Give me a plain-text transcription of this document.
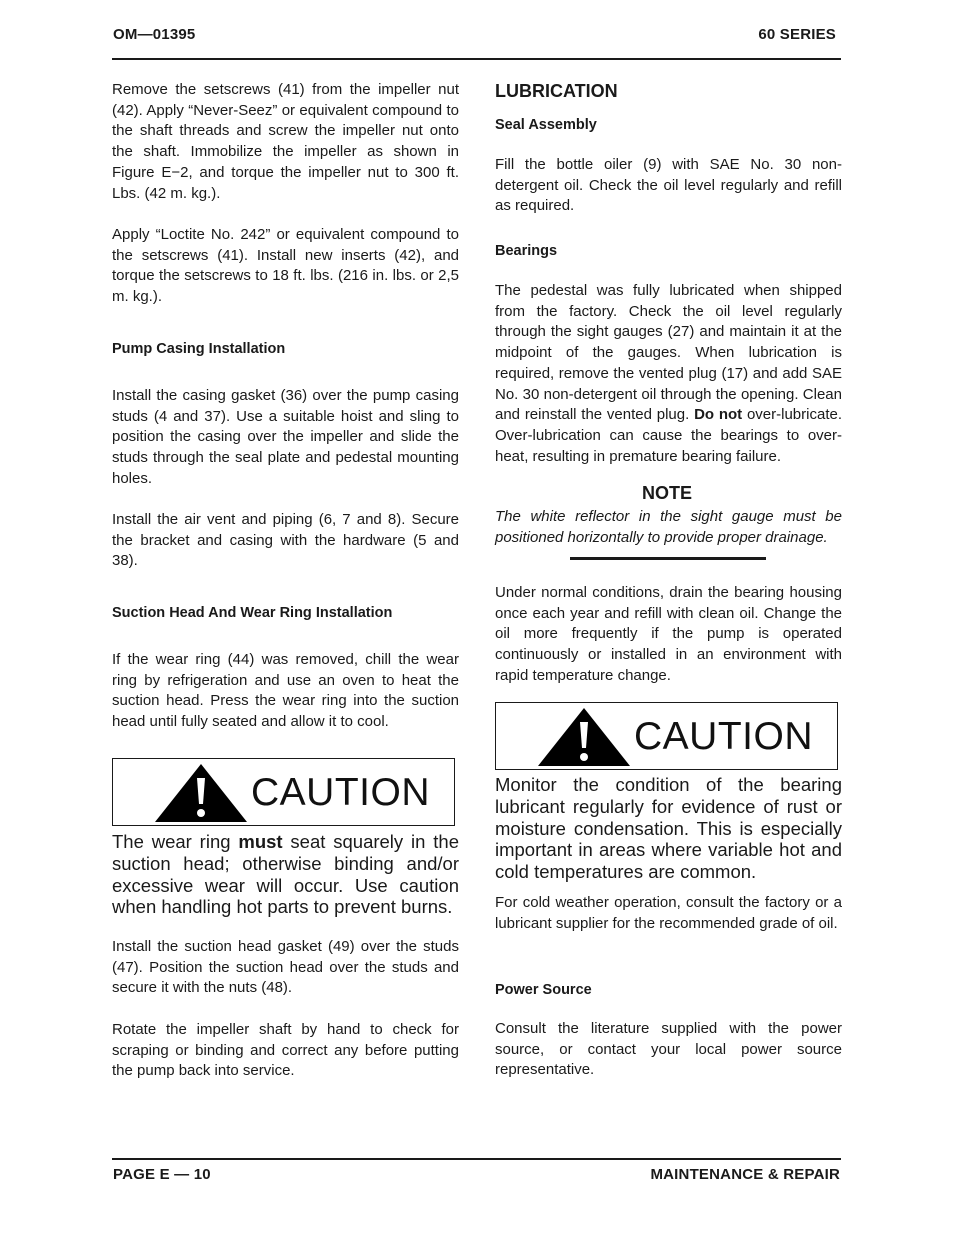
OM—01395	60 SERIES

Remove the setscrews (41) from the impeller nut (42). Apply “Never-Seez” or equivalent compound to the shaft threads and screw the impeller nut onto the shaft. Immobilize the impeller as shown in Figure E−2, and torque the impeller nut to 300 ft. Lbs. (42 m. kg.).

Apply “Loctite No. 242” or equivalent compound to the setscrews (41). Install new inserts (42), and torque the setscrews to 18 ft. lbs. (216 in. lbs. or 2,5 m. kg.).

Pump Casing Installation

Install the casing gasket (36) over the pump casing studs (4 and 37). Use a suitable hoist and sling to position the casing over the impeller and slide the studs through the seal plate and pedestal mounting holes.

Install the air vent and piping (6, 7 and 8). Secure the bracket and casing with the hardware (5 and 38).

Suction Head And Wear Ring Installation

If the wear ring (44) was removed, chill the wear ring by refrigeration and use an oven to heat the suction head. Press the wear ring into the suction head until fully seated and allow it to cool.

CAUTION

The wear ring must seat squarely in the suction head; otherwise binding and/or excessive wear will occur. Use caution when handling hot parts to prevent burns.

Install the suction head gasket (49) over the studs (47). Position the suction head over the studs and secure it with the nuts (48).

Rotate the impeller shaft by hand to check for scraping or binding and correct any before putting the pump back into service.

LUBRICATION
Seal Assembly

Fill the bottle oiler (9) with SAE No. 30 non-detergent oil. Check the oil level regularly and refill as required.

Bearings

The pedestal was fully lubricated when shipped from the factory. Check the oil level regularly through the sight gauges (27) and maintain it at the midpoint of the gauges. When lubrication is required, remove the vented plug (17) and add SAE No. 30 non-detergent oil through the opening. Clean and reinstall the vented plug. Do not over-lubricate. Over-lubrication can cause the bearings to over-heat, resulting in premature bearing failure.

NOTE

The white reflector in the sight gauge must be positioned horizontally to provide proper drainage.

Under normal conditions, drain the bearing housing once each year and refill with clean oil. Change the oil more frequently if the pump is operated continuously or installed in an environment with rapid temperature change.

CAUTION

Monitor the condition of the bearing lubricant regularly for evidence of rust or moisture condensation. This is especially important in areas where variable hot and cold temperatures are common.

For cold weather operation, consult the factory or a lubricant supplier for the recommended grade of oil.

Power Source

Consult the literature supplied with the power source, or contact your local power source representative.

PAGE E — 10	MAINTENANCE & REPAIR
